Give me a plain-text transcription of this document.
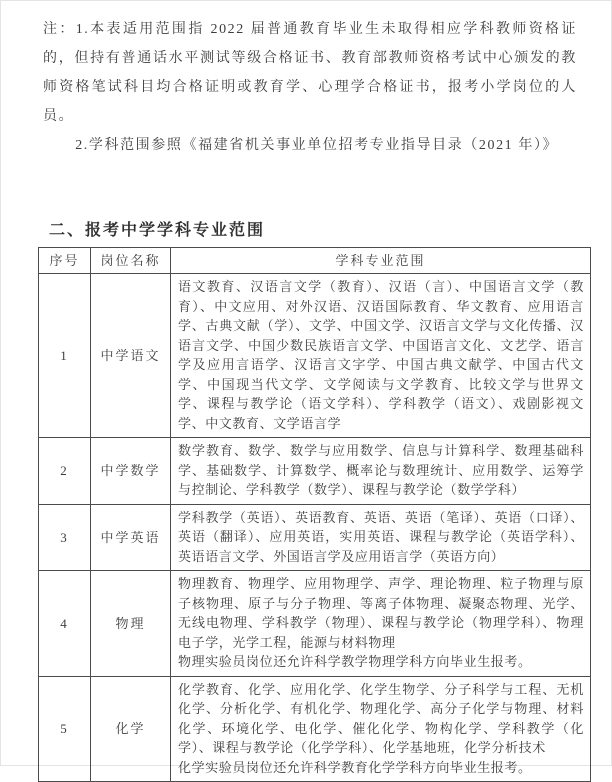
注：1.本表适用范围指 2022 届普通教育毕业生未取得相应学科教师资格证的，但持有普通话水平测试等级合格证书、教育部教师资格考试中心颁发的教师资格笔试科目均合格证明或教育学、心理学合格证书，报考小学岗位的人员。

2.学科范围参照《福建省机关事业单位招考专业指导目录（2021 年）》

二、报考中学学科专业范围
序号	岗位名称	学科专业范围
1	中学语文	语文教育、汉语言文学（教育）、汉语（言）、中国语言文学（教育）、中文应用、对外汉语、汉语国际教育、华文教育、应用语言学、古典文献（学）、文学、中国文学、汉语言文学与文化传播、汉语言文学、中国少数民族语言文学、中国语言文化、文艺学、语言学及应用言语学、汉语言文字学、中国古典文献学、中国古代文学、中国现当代文学、文学阅读与文学教育、比较文学与世界文学、课程与教学论（语文学科）、学科教学（语文）、戏剧影视文学、中文教育、文学语言学

2	中学数学	数学教育、数学、数学与应用数学、信息与计算科学、数理基础科学、基础数学、计算数学、概率论与数理统计、应用数学、运筹学与控制论、学科教学（数学）、课程与教学论（数学学科）

3	中学英语	学科教学（英语）、英语教育、英语、英语（笔译）、英语（口译）、英语（翻译）、应用英语，实用英语、课程与教学论（英语学科）、英语语言文学、外国语言学及应用语言学（英语方向）

4	物理	物理教育、物理学、应用物理学、声学、理论物理、粒子物理与原子核物理、原子与分子物理、等离子体物理、凝聚态物理、光学、无线电物理、学科教学（物理）、课程与教学论（物理学科）、物理电子学，光学工程，能源与材料物理
物理实验员岗位还允许科学教学物理学科方向毕业生报考。

5	化学	化学教育、化学、应用化学、化学生物学、分子科学与工程、无机化学、分析化学、有机化学、物理化学、高分子化学与物理、材料化学、环境化学、电化学、催化化学、物构化学、学科教学（化学）、课程与教学论（化学学科）、化学基地班，化学分析技术
化学实验员岗位还允许科学教育化学学科方向毕业生报考。
